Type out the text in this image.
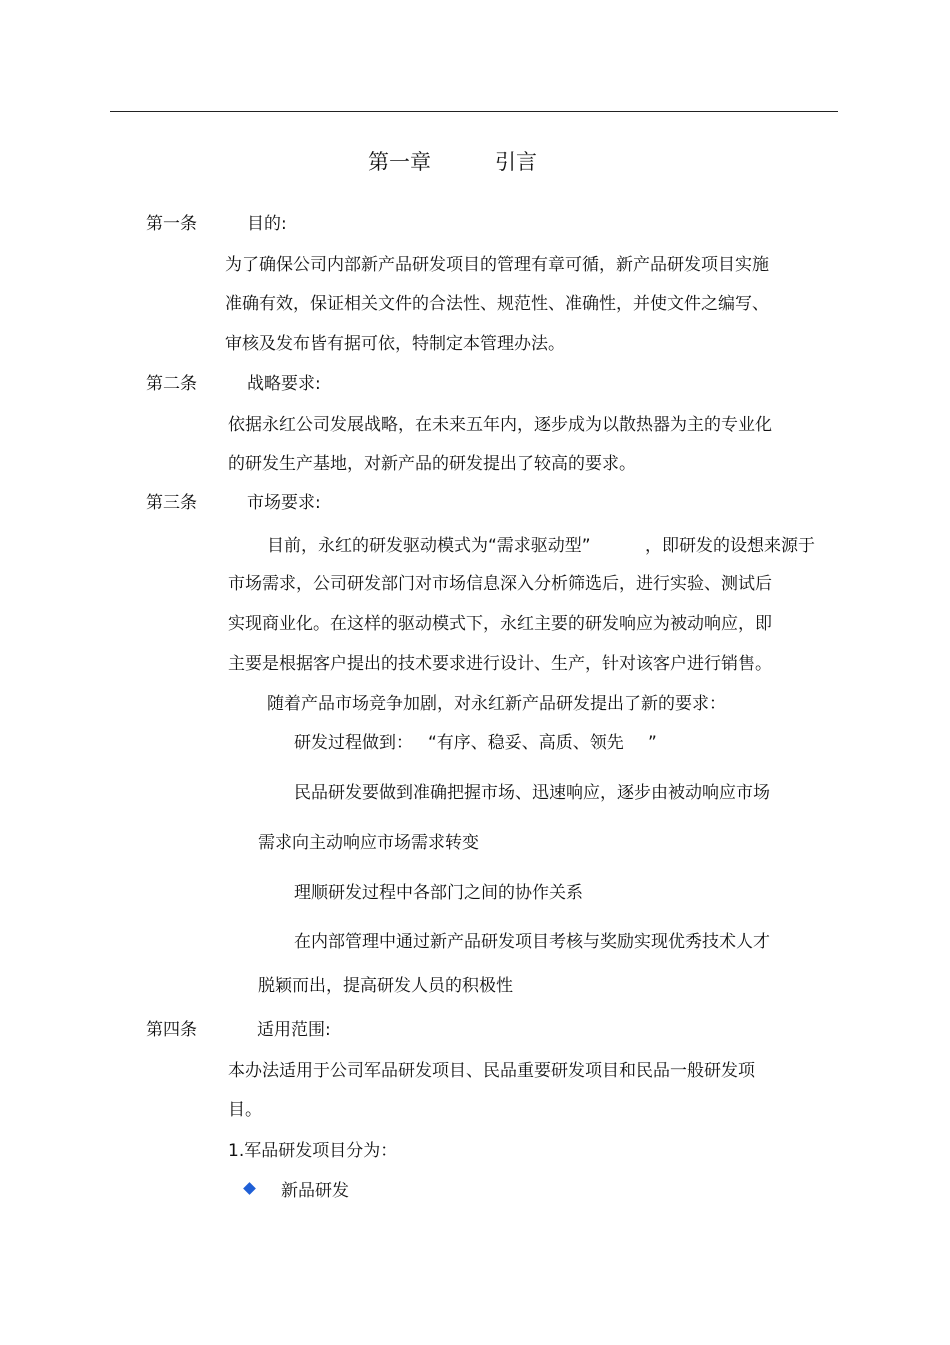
第一章	引言
第一条	目的:
为了确保公司内部新产品研发项目的管理有章可循，新产品研发项目实施
准确有效，保证相关文件的合法性、规范性、准确性，并使文件之编写、
审核及发布皆有据可依，特制定本管理办法。
第二条	战略要求:
依据永红公司发展战略，在未来五年内，逐步成为以散热器为主的专业化
的研发生产基地，对新产品的研发提出了较高的要求。
第三条	市场要求:
目前，永红的研发驱动模式为“需求驱动型”	，即研发的设想来源于
市场需求，公司研发部门对市场信息深入分析筛选后，进行实验、测试后
实现商业化。在这样的驱动模式下，永红主要的研发响应为被动响应，即
主要是根据客户提出的技术要求进行设计、生产，针对该客户进行销售。
随着产品市场竞争加剧，对永红新产品研发提出了新的要求：
研发过程做到： “有序、稳妥、高质、领先 ”
民品研发要做到准确把握市场、迅速响应，逐步由被动响应市场
需求向主动响应市场需求转变
理顺研发过程中各部门之间的协作关系
在内部管理中通过新产品研发项目考核与奖励实现优秀技术人才
脱颖而出，提高研发人员的积极性
第四条	适用范围:
本办法适用于公司军品研发项目、民品重要研发项目和民品一般研发项
目。
1.军品研发项目分为：
新品研发
